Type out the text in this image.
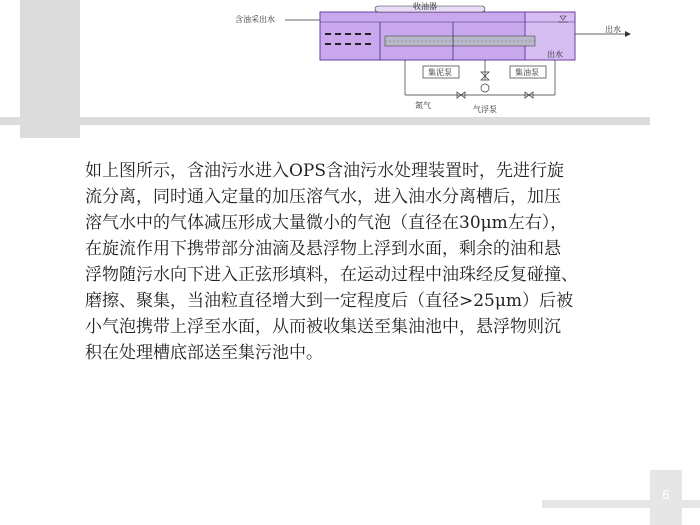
含油采出水
收油器
出水
出水
集泥泵	集油泵
氮气	气浮泵
如上图所示，含油污水进入OPS含油污水处理装置时，先进行旋
流分离，同时通入定量的加压溶气水，进入油水分离槽后，加压
溶气水中的气体减压形成大量微小的气泡（直径在30μm左右），
在旋流作用下携带部分油滴及悬浮物上浮到水面，剩余的油和悬
浮物随污水向下进入正弦形填料，在运动过程中油珠经反复碰撞、
磨擦、聚集，当油粒直径增大到一定程度后（直径>25μm）后被
小气泡携带上浮至水面，从而被收集送至集油池中，悬浮物则沉
积在处理槽底部送至集污池中。
6
